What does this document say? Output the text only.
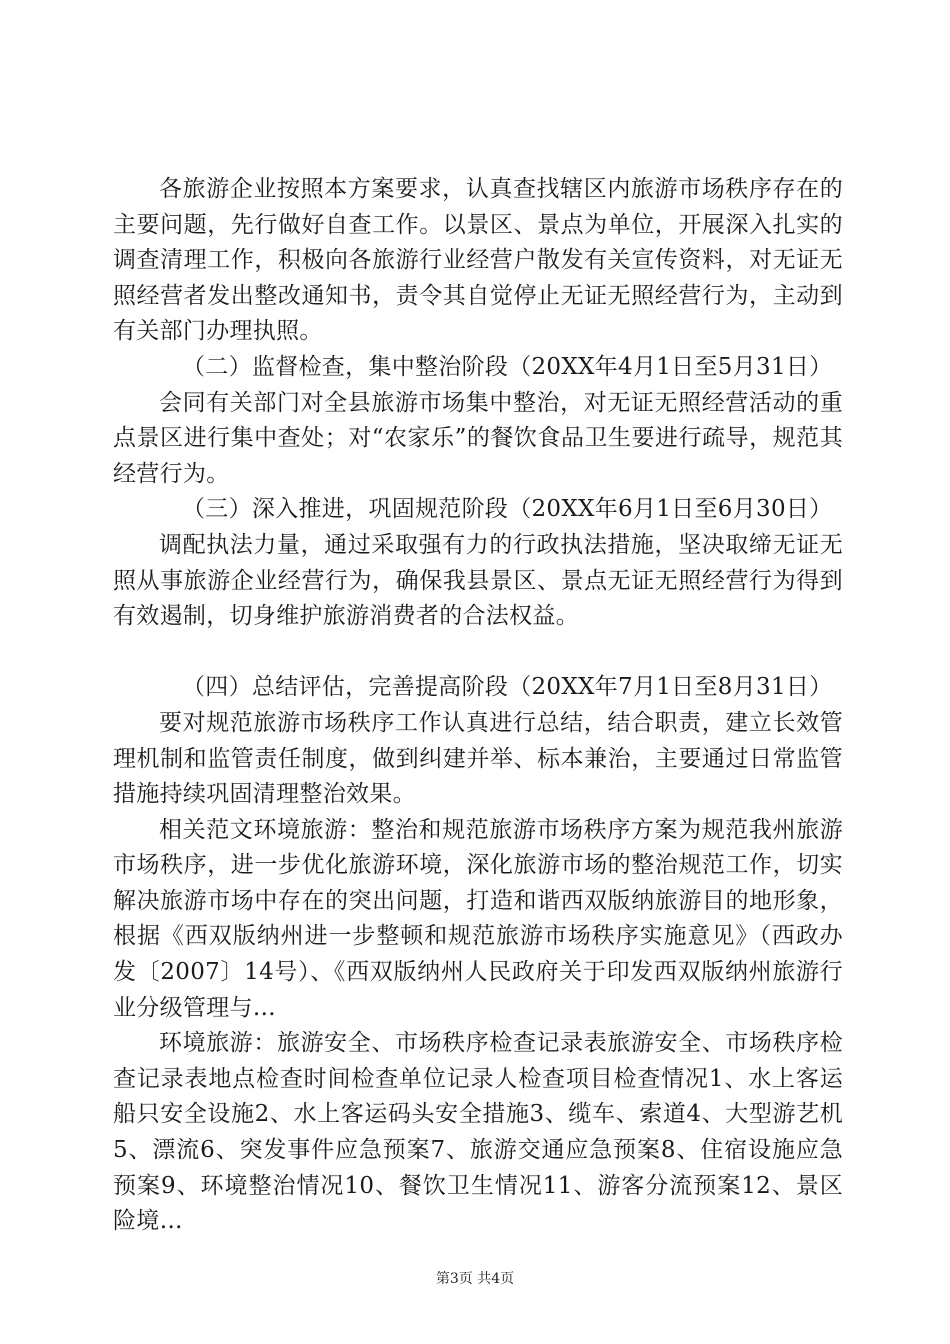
各旅游企业按照本方案要求，认真查找辖区内旅游市场秩序存在的主要问题，先行做好自查工作。以景区、景点为单位，开展深入扎实的调查清理工作，积极向各旅游行业经营户散发有关宣传资料，对无证无照经营者发出整改通知书，责令其自觉停止无证无照经营行为，主动到有关部门办理执照。

（二）监督检查，集中整治阶段（20XX年4月1日至5月31日）

会同有关部门对全县旅游市场集中整治，对无证无照经营活动的重点景区进行集中查处；对“农家乐”的餐饮食品卫生要进行疏导，规范其经营行为。

（三）深入推进，巩固规范阶段（20XX年6月1日至6月30日）

调配执法力量，通过采取强有力的行政执法措施，坚决取缔无证无照从事旅游企业经营行为，确保我县景区、景点无证无照经营行为得到有效遏制，切身维护旅游消费者的合法权益。

（四）总结评估，完善提高阶段（20XX年7月1日至8月31日）

要对规范旅游市场秩序工作认真进行总结，结合职责，建立长效管理机制和监管责任制度，做到纠建并举、标本兼治，主要通过日常监管措施持续巩固清理整治效果。

相关范文环境旅游：整治和规范旅游市场秩序方案为规范我州旅游市场秩序，进一步优化旅游环境，深化旅游市场的整治规范工作，切实解决旅游市场中存在的突出问题，打造和谐西双版纳旅游目的地形象，根据《西双版纳州进一步整顿和规范旅游市场秩序实施意见》（西政办发〔2007〕14号）、《西双版纳州人民政府关于印发西双版纳州旅游行业分级管理与…

环境旅游：旅游安全、市场秩序检查记录表旅游安全、市场秩序检查记录表地点检查时间检查单位记录人检查项目检查情况1、水上客运船只安全设施2、水上客运码头安全措施3、缆车、索道4、大型游艺机5、漂流6、突发事件应急预案7、旅游交通应急预案8、住宿设施应急预案9、环境整治情况10、餐饮卫生情况11、游客分流预案12、景区险境…

第3页 共4页
